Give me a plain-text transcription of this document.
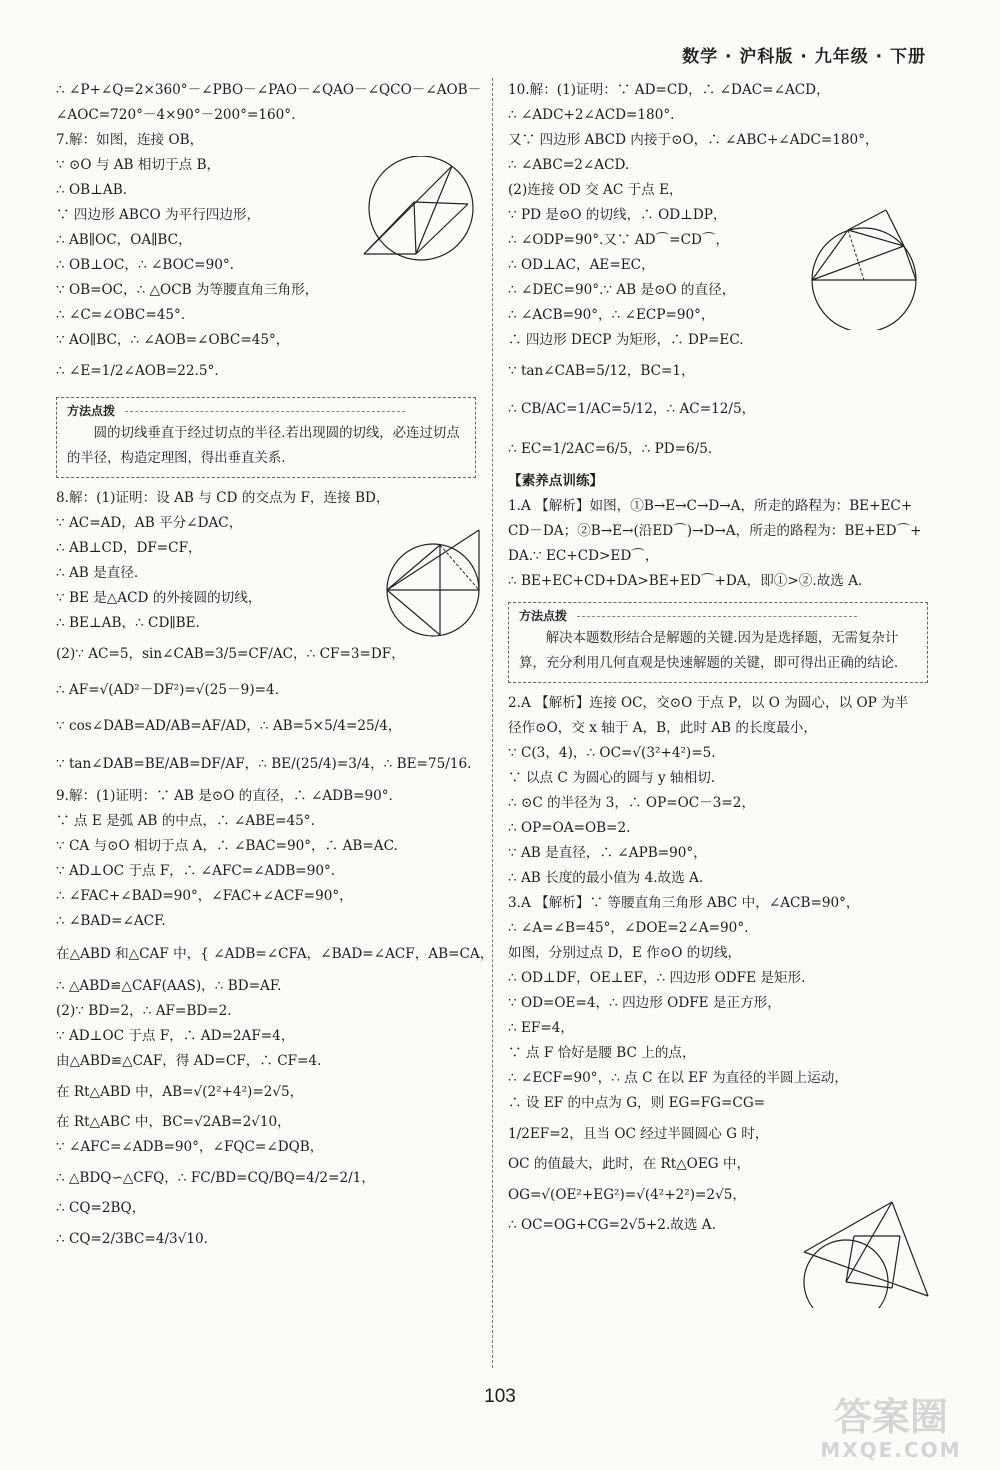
数学 · 沪科版 · 九年级 · 下册
∴ ∠P+∠Q=2×360°－∠PBO－∠PAO－∠QAO－∠QCO－∠AOB－
∠AOC=720°－4×90°－200°=160°.
7.解：如图，连接 OB，
∵ ⊙O 与 AB 相切于点 B，
∴ OB⊥AB.
∵ 四边形 ABCO 为平行四边形，
∴ AB∥OC，OA∥BC，
∴ OB⊥OC，∴ ∠BOC=90°.
∵ OB=OC，∴ △OCB 为等腰直角三角形，
∴ ∠C=∠OBC=45°.
∵ AO∥BC，∴ ∠AOB=∠OBC=45°，
∴ ∠E=1/2∠AOB=22.5°.
方法点拨
圆的切线垂直于经过切点的半径.若出现圆的切线，必连过切点的半径，构造定理图，得出垂直关系.
8.解：(1)证明：设 AB 与 CD 的交点为 F，连接 BD，
∵ AC=AD，AB 平分∠DAC，
∴ AB⊥CD，DF=CF，
∴ AB 是直径.
∵ BE 是△ACD 的外接圆的切线，
∴ BE⊥AB，∴ CD∥BE.
(2)∵ AC=5，sin∠CAB=3/5=CF/AC，∴ CF=3=DF，
∴ AF=√(AD²－DF²)=√(25－9)=4.
∵ cos∠DAB=AD/AB=AF/AD，∴ AB=5×5/4=25/4，
∵ tan∠DAB=BE/AB=DF/AF，∴ BE/(25/4)=3/4，∴ BE=75/16.
9.解：(1)证明：∵ AB 是⊙O 的直径，∴ ∠ADB=90°.
∵ 点 E 是弧 AB 的中点，∴ ∠ABE=45°.
∵ CA 与⊙O 相切于点 A，∴ ∠BAC=90°，∴ AB=AC.
∵ AD⊥OC 于点 F，∴ ∠AFC=∠ADB=90°.
∴ ∠FAC+∠BAD=90°，∠FAC+∠ACF=90°，
∴ ∠BAD=∠ACF.
在△ABD 和△CAF 中，{ ∠ADB=∠CFA，∠BAD=∠ACF，AB=CA，
∴ △ABD≌△CAF(AAS)，∴ BD=AF.
(2)∵ BD=2，∴ AF=BD=2.
∵ AD⊥OC 于点 F，∴ AD=2AF=4，
由△ABD≌△CAF，得 AD=CF，∴ CF=4.
在 Rt△ABD 中，AB=√(2²+4²)=2√5，
在 Rt△ABC 中，BC=√2AB=2√10，
∵ ∠AFC=∠ADB=90°，∠FQC=∠DQB，
∴ △BDQ∽△CFQ，∴ FC/BD=CQ/BQ=4/2=2/1，
∴ CQ=2BQ，
∴ CQ=2/3BC=4/3√10.
10.解：(1)证明：∵ AD=CD，∴ ∠DAC=∠ACD，
∴ ∠ADC+2∠ACD=180°.
又∵ 四边形 ABCD 内接于⊙O，∴ ∠ABC+∠ADC=180°，
∴ ∠ABC=2∠ACD.
(2)连接 OD 交 AC 于点 E，
∵ PD 是⊙O 的切线，∴ OD⊥DP，
∴ ∠ODP=90°.又∵ AD⌒=CD⌒，
∴ OD⊥AC，AE=EC，
∴ ∠DEC=90°.∵ AB 是⊙O 的直径，
∴ ∠ACB=90°，∴ ∠ECP=90°，
∴ 四边形 DECP 为矩形，∴ DP=EC.
∵ tan∠CAB=5/12，BC=1，
∴ CB/AC=1/AC=5/12，∴ AC=12/5，
∴ EC=1/2AC=6/5，∴ PD=6/5.
【素养点训练】
1.A 【解析】如图，①B→E→C→D→A，所走的路程为：BE+EC+
CD－DA；②B→E→(沿ED⌒)→D→A，所走的路程为：BE+ED⌒+
DA.∵ EC+CD>ED⌒，
∴ BE+EC+CD+DA>BE+ED⌒+DA，即①>②.故选 A.
方法点拨
解决本题数形结合是解题的关键.因为是选择题，无需复杂计算，充分利用几何直观是快速解题的关键，即可得出正确的结论.
2.A 【解析】连接 OC，交⊙O 于点 P，以 O 为圆心，以 OP 为半
径作⊙O，交 x 轴于 A，B，此时 AB 的长度最小，
∵ C(3，4)，∴ OC=√(3²+4²)=5.
∵ 以点 C 为圆心的圆与 y 轴相切.
∴ ⊙C 的半径为 3，∴ OP=OC－3=2，
∴ OP=OA=OB=2.
∵ AB 是直径，∴ ∠APB=90°，
∴ AB 长度的最小值为 4.故选 A.
3.A 【解析】∵ 等腰直角三角形 ABC 中，∠ACB=90°，
∴ ∠A=∠B=45°，∠DOE=2∠A=90°.
如图，分别过点 D，E 作⊙O 的切线，
∴ OD⊥DF，OE⊥EF，∴ 四边形 ODFE 是矩形.
∵ OD=OE=4，∴ 四边形 ODFE 是正方形，
∴ EF=4，
∵ 点 F 恰好是腰 BC 上的点，
∴ ∠ECF=90°，∴ 点 C 在以 EF 为直径的半圆上运动，
∴ 设 EF 的中点为 G，则 EG=FG=CG=
1/2EF=2，且当 OC 经过半圆圆心 G 时，
OC 的值最大，此时，在 Rt△OEG 中，
OG=√(OE²+EG²)=√(4²+2²)=2√5，
∴ OC=OG+CG=2√5+2.故选 A.
103	答案圈
MXQE.COM
